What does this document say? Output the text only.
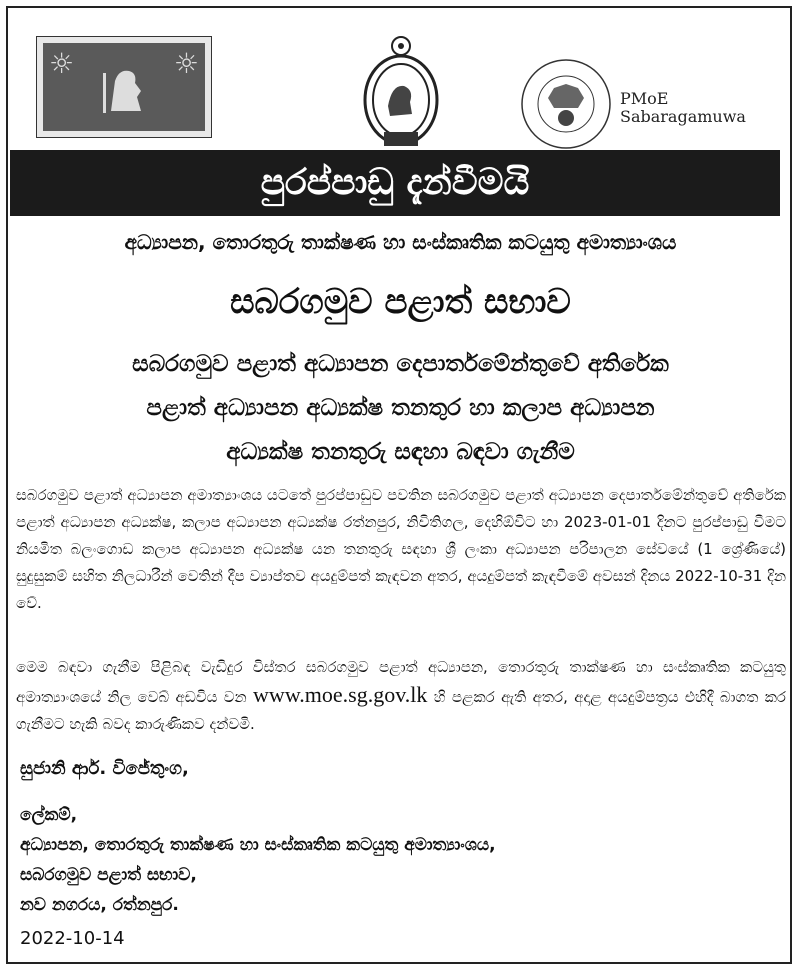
☼	☼
PMoE
Sabaragamuwa
පුරප්පාඩු දැන්වීමයි
අධ්‍යාපන, තොරතුරු තාක්ෂණ හා සංස්කෘතික කටයුතු අමාත්‍යාංශය
සබරගමුව පළාත් සභාව
සබරගමුව පළාත් අධ්‍යාපන දෙපාර්තමේන්තුවේ අතිරේක
පළාත් අධ්‍යාපන අධ්‍යක්ෂ තනතුර හා කලාප අධ්‍යාපන
අධ්‍යක්ෂ තනතුරු සඳහා බඳවා ගැනීම
සබරගමුව පළාත් අධ්‍යාපන අමාත්‍යාංශය යටතේ පුරප්පාඩුව පවතින සබරගමුව පළාත් අධ්‍යාපන දෙපාර්තමේන්තුවේ අතිරේක පළාත් අධ්‍යාපන අධ්‍යක්ෂ, කලාප අධ්‍යාපන අධ්‍යක්ෂ රත්නපුර, නිවිතිගල, දෙහිඕවිට හා 2023-01-01 දිනට පුරප්පාඩු වීමට නියමිත බලංගොඩ කලාප අධ්‍යාපන අධ්‍යක්ෂ යන තනතුරු සඳහා ශ්‍රී ලංකා අධ්‍යාපන පරිපාලන සේවයේ (1 ශ්‍රේණියේ) සුදුසුකම් සහිත නිලධාරීන් වෙතින් දීප ව්‍යාප්තව අයදුම්පත් කැඳවන අතර, අයදුම්පත් කැඳවීමේ අවසන් දිනය 2022-10-31 දින වේ.
මෙම බඳවා ගැනීම පිළිබඳ වැඩිදුර විස්තර සබරගමුව පළාත් අධ්‍යාපන, තොරතුරු තාක්ෂණ හා සංස්කෘතික කටයුතු අමාත්‍යාංශයේ නිල වෙබ් අඩවිය වන www.moe.sg.gov.lk හි පළකර ඇති අතර, අදාළ අයදුම්පත්‍රය එහිදී බාගත කර ගැනීමට හැකි බවද කාරුණිකව දන්වමි.
සුජානි ආර්. විජේතුංග,
ලේකම්,
අධ්‍යාපන, තොරතුරු තාක්ෂණ හා සංස්කෘතික කටයුතු අමාත්‍යාංශය,
සබරගමුව පළාත් සභාව,
නව නගරය, රත්නපුර.
2022-10-14
